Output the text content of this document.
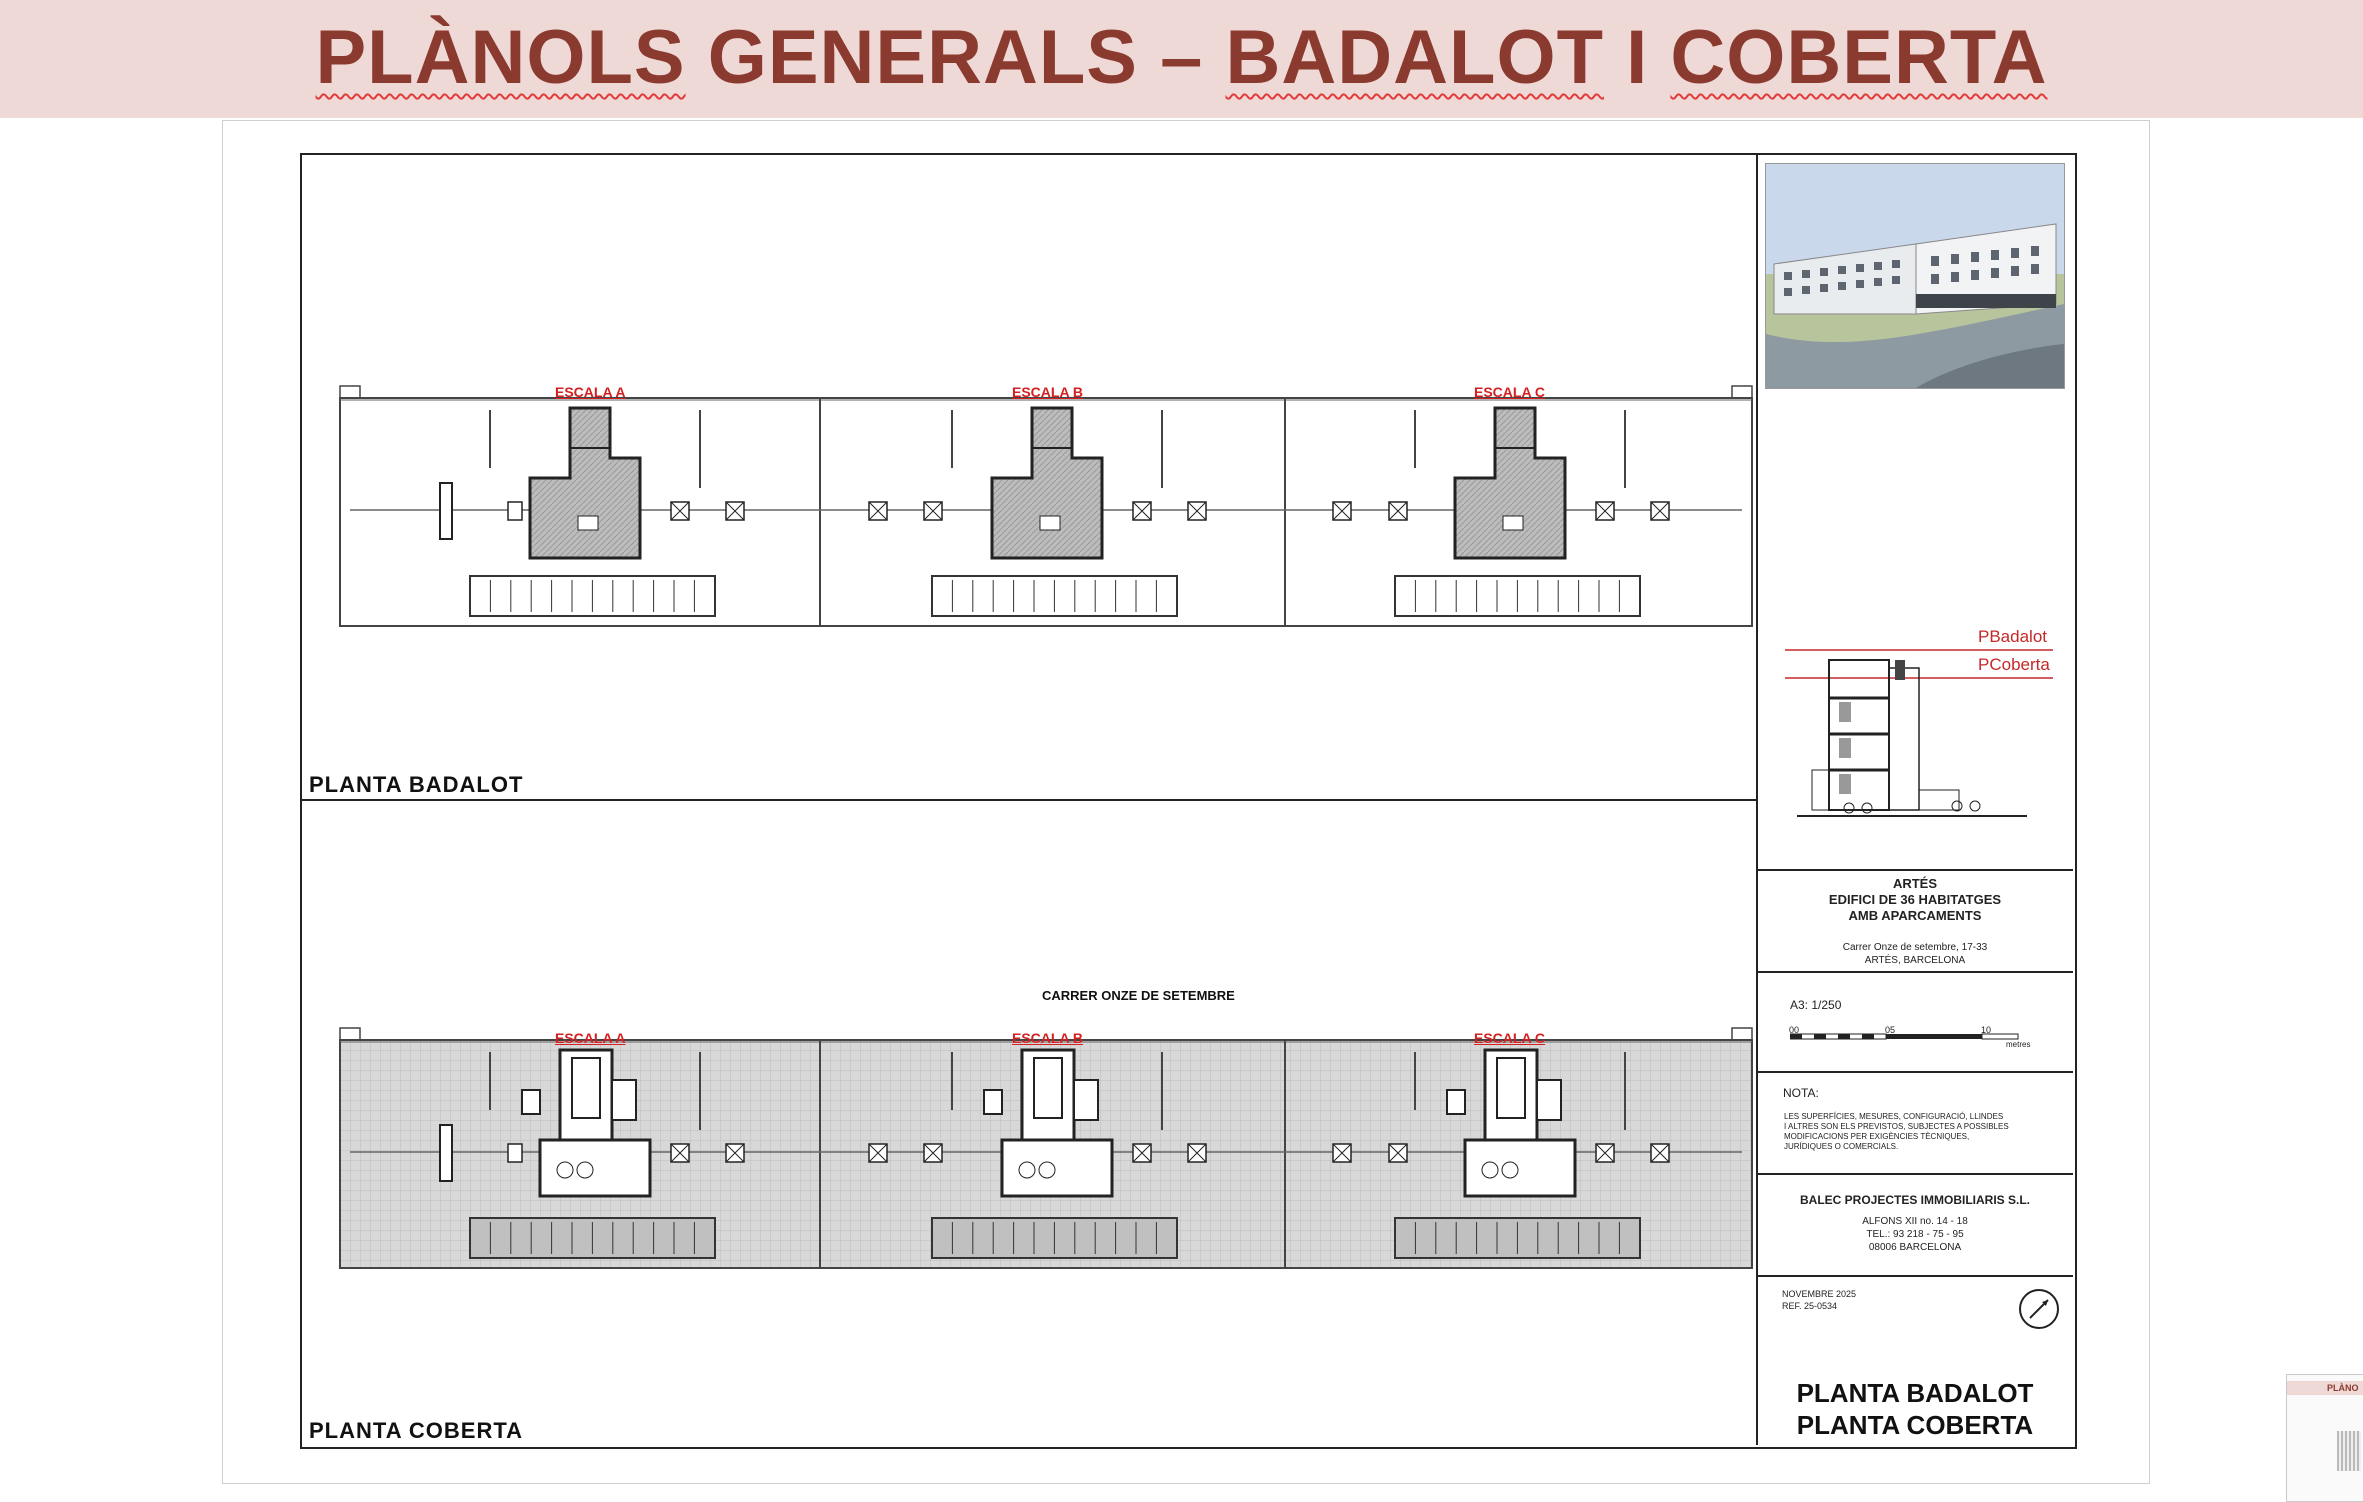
PLÀNOLS GENERALS – BADALOT I COBERTA
PLANTA BADALOT
PLANTA COBERTA
CARRER ONZE DE SETEMBRE
ESCALA A	ESCALA B	ESCALA C
ESCALA A	ESCALA B	ESCALA C
PBadalot
PCoberta
ARTÉS
EDIFICI DE 36 HABITATGES
AMB APARCAMENTS
Carrer Onze de setembre, 17-33
ARTÉS, BARCELONA
A3: 1/250
00	05	10
metres
NOTA:
LES SUPERFÍCIES, MESURES, CONFIGURACIÓ, LLINDES
I ALTRES SON ELS PREVISTOS, SUBJECTES A POSSIBLES
MODIFICACIONS PER EXIGÈNCIES TÈCNIQUES,
JURÍDIQUES O COMERCIALS.
BALEC PROJECTES IMMOBILIARIS S.L.
ALFONS XII no. 14 - 18
TEL.: 93 218 - 75 - 95
08006 BARCELONA
NOVEMBRE 2025
REF. 25-0534
PLANTA BADALOT
PLANTA COBERTA
PLÀNO
